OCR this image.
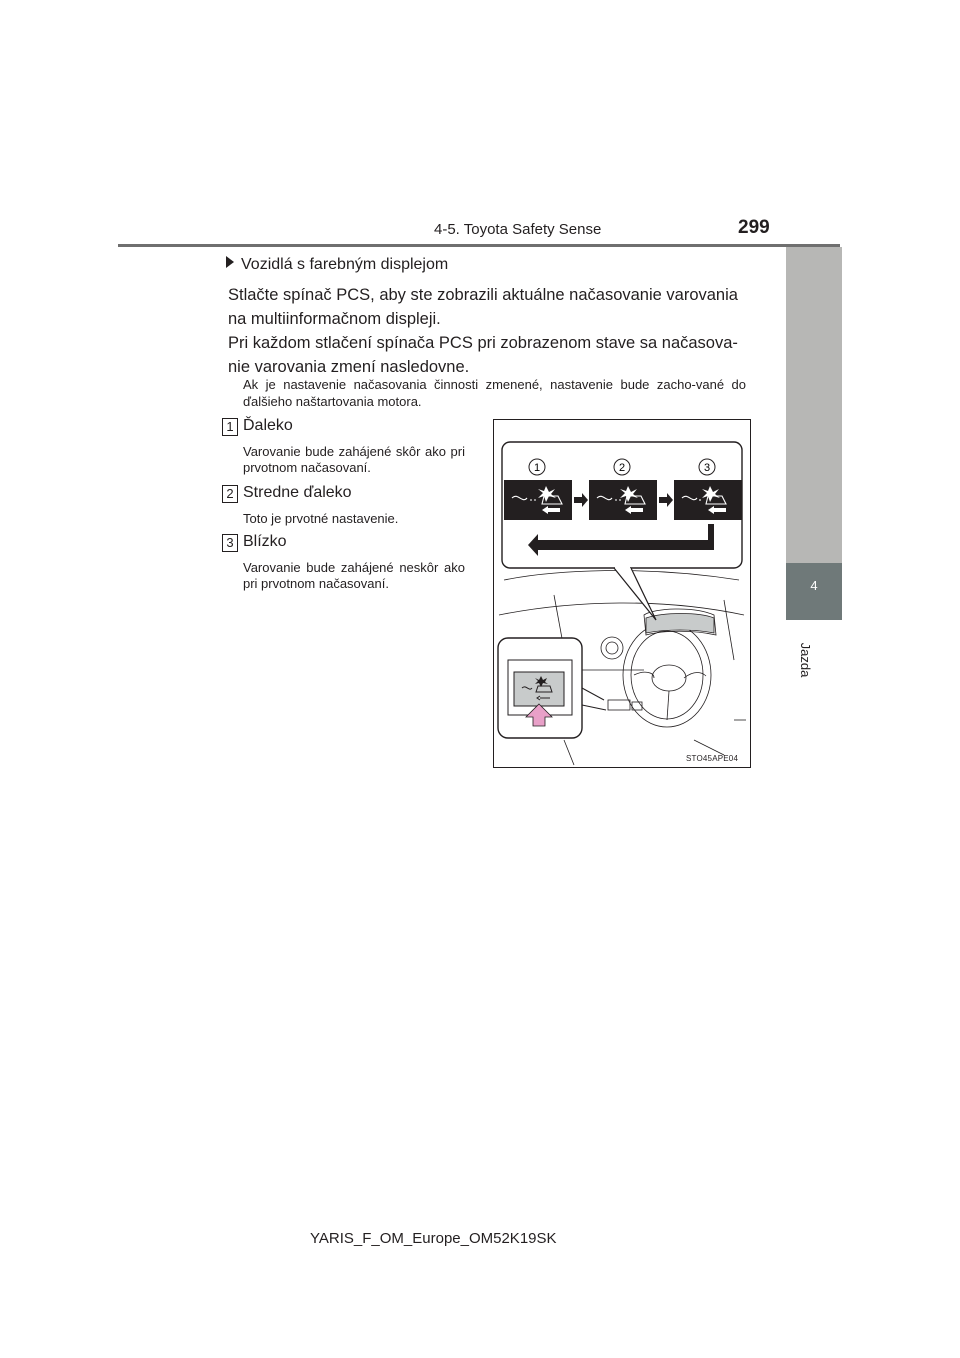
4-5. Toyota Safety Sense	299
4
Jazda
Vozidlá s farebným displejom
Stlačte spínač PCS, aby ste zobrazili aktuálne načasovanie varovania na multiinformačnom displeji.
Pri každom stlačení spínača PCS pri zobrazenom stave sa načasova-nie varovania zmení nasledovne.
Ak je nastavenie načasovania činnosti zmenené, nastavenie bude zacho-vané do ďalšieho naštartovania motora.
1 Ďaleko
Varovanie bude zahájené skôr ako pri prvotnom načasovaní.
2 Stredne ďaleko
Toto je prvotné nastavenie.
3 Blízko
Varovanie bude zahájené neskôr ako pri prvotnom načasovaní.
1	2	3
STO45APE04
YARIS_F_OM_Europe_OM52K19SK
